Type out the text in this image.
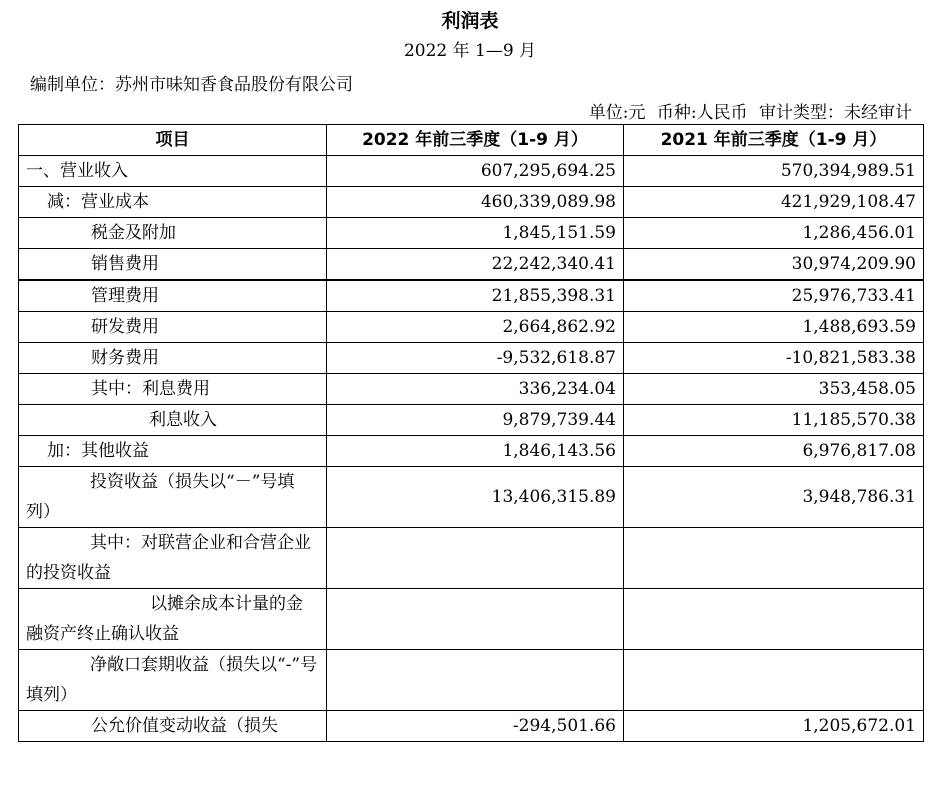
利润表
2022 年 1—9 月
编制单位：苏州市味知香食品股份有限公司
单位:元 币种:人民币 审计类型：未经审计
项目	2022 年前三季度（1-9 月）	2021 年前三季度（1-9 月）
一、营业收入	607,295,694.25	570,394,989.51
减：营业成本	460,339,089.98	421,929,108.47
税金及附加	1,845,151.59	1,286,456.01
销售费用	22,242,340.41	30,974,209.90
管理费用	21,855,398.31	25,976,733.41
研发费用	2,664,862.92	1,488,693.59
财务费用	-9,532,618.87	-10,821,583.38
其中：利息费用	336,234.04	353,458.05
利息收入	9,879,739.44	11,185,570.38
加：其他收益	1,846,143.56	6,976,817.08
投资收益（损失以“－”号填列）	13,406,315.89	3,948,786.31
其中：对联营企业和合营企业的投资收益		
以摊余成本计量的金融资产终止确认收益		
净敞口套期收益（损失以“-”号填列）		
公允价值变动收益（损失	-294,501.66	1,205,672.01
